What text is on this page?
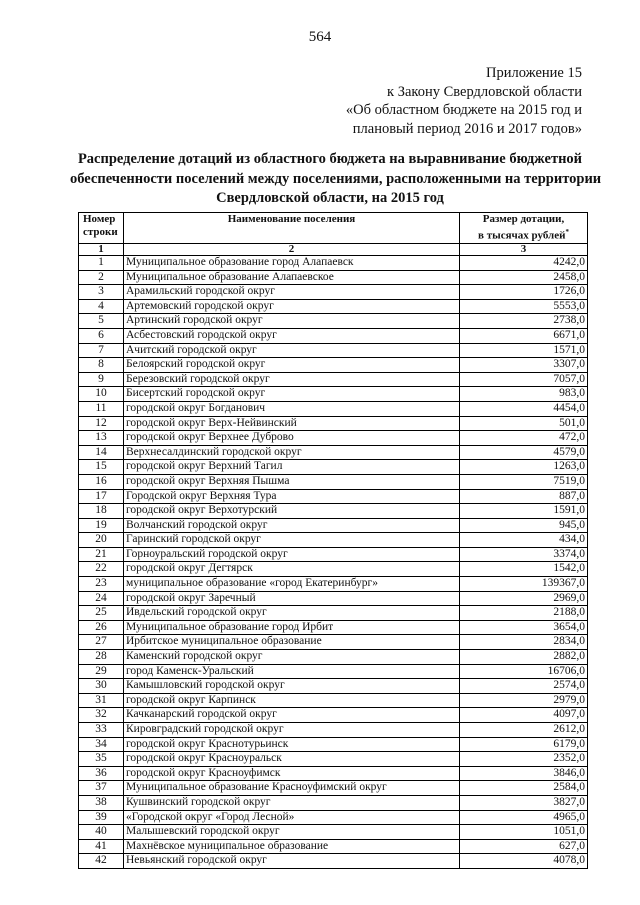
564
Приложение 15
к Закону Свердловской области
«Об областном бюджете на 2015 год и
плановый период 2016 и 2017 годов»
Распределение дотаций из областного бюджета на выравнивание бюджетной
обеспеченности поселений между поселениями, расположенными на территории
Свердловской области, на 2015 год
Номер
строки	Наименование поселения	Размер дотации,
в тысячах рублей*
1	2	3
1	Муниципальное образование город Алапаевск	4242,0
2	Муниципальное образование Алапаевское	2458,0
3	Арамильский городской округ	1726,0
4	Артемовский городской округ	5553,0
5	Артинский городской округ	2738,0
6	Асбестовский городской округ	6671,0
7	Ачитский городской округ	1571,0
8	Белоярский городской округ	3307,0
9	Березовский городской округ	7057,0
10	Бисертский городской округ	983,0
11	городской округ Богданович	4454,0
12	городской округ Верх-Нейвинский	501,0
13	городской округ Верхнее Дуброво	472,0
14	Верхнесалдинский городской округ	4579,0
15	городской округ Верхний Тагил	1263,0
16	городской округ Верхняя Пышма	7519,0
17	Городской округ Верхняя Тура	887,0
18	городской округ Верхотурский	1591,0
19	Волчанский городской округ	945,0
20	Гаринский городской округ	434,0
21	Горноуральский городской округ	3374,0
22	городской округ Дегтярск	1542,0
23	муниципальное образование «город Екатеринбург»	139367,0
24	городской округ Заречный	2969,0
25	Ивдельский городской округ	2188,0
26	Муниципальное образование город Ирбит	3654,0
27	Ирбитское муниципальное образование	2834,0
28	Каменский городской округ	2882,0
29	город Каменск-Уральский	16706,0
30	Камышловский городской округ	2574,0
31	городской округ Карпинск	2979,0
32	Качканарский городской округ	4097,0
33	Кировградский городской округ	2612,0
34	городской округ Краснотурьинск	6179,0
35	городской округ Красноуральск	2352,0
36	городской округ Красноуфимск	3846,0
37	Муниципальное образование Красноуфимский округ	2584,0
38	Кушвинский городской округ	3827,0
39	«Городской округ «Город Лесной»	4965,0
40	Малышевский городской округ	1051,0
41	Махнёвское муниципальное образование	627,0
42	Невьянский городской округ	4078,0
